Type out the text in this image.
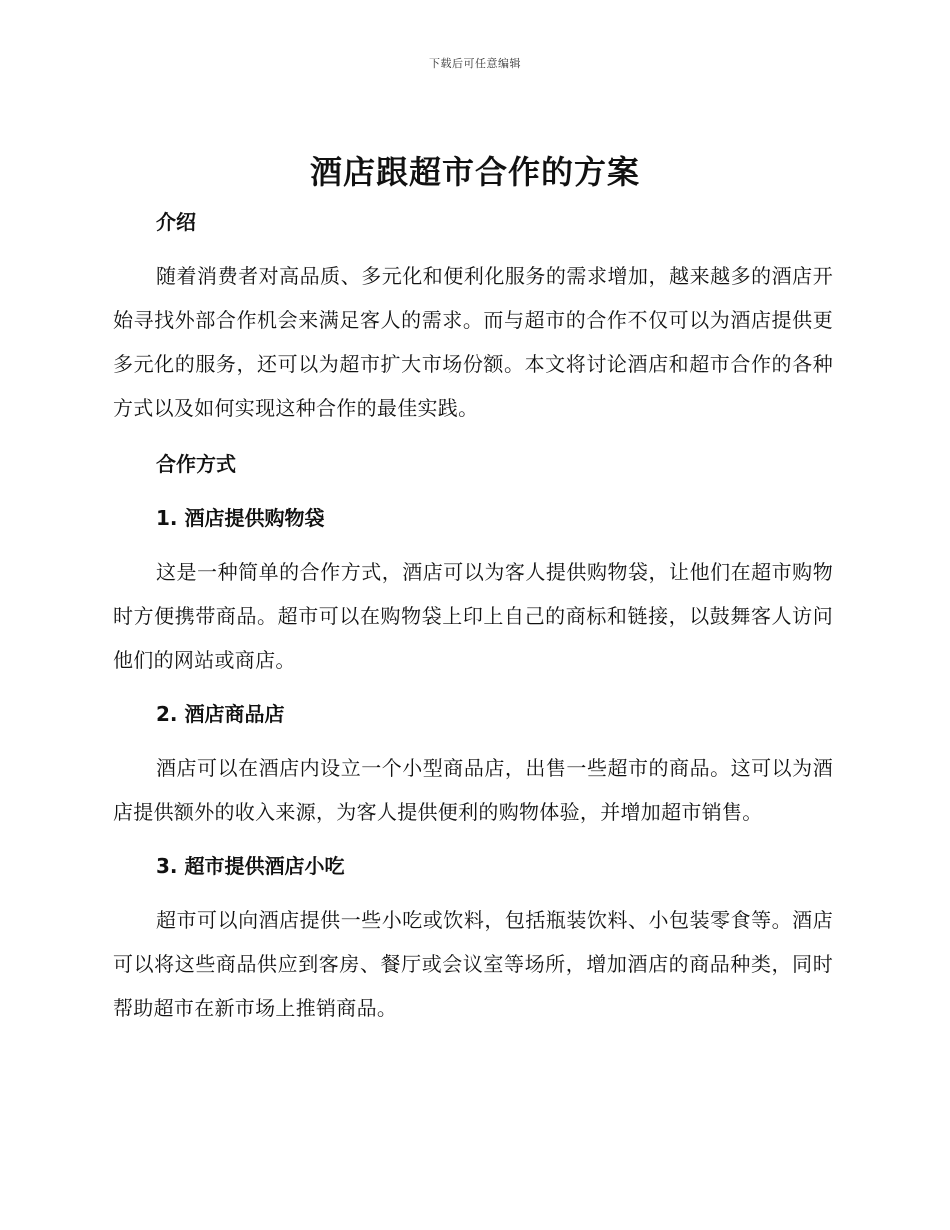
下载后可任意编辑
酒店跟超市合作的方案

介绍

随着消费者对高品质、多元化和便利化服务的需求增加，越来越多的酒店开始寻找外部合作机会来满足客人的需求。而与超市的合作不仅可以为酒店提供更多元化的服务，还可以为超市扩大市场份额。本文将讨论酒店和超市合作的各种方式以及如何实现这种合作的最佳实践。

合作方式

1. 酒店提供购物袋

这是一种简单的合作方式，酒店可以为客人提供购物袋，让他们在超市购物时方便携带商品。超市可以在购物袋上印上自己的商标和链接，以鼓舞客人访问他们的网站或商店。

2. 酒店商品店

酒店可以在酒店内设立一个小型商品店，出售一些超市的商品。这可以为酒店提供额外的收入来源，为客人提供便利的购物体验，并增加超市销售。

3. 超市提供酒店小吃

超市可以向酒店提供一些小吃或饮料，包括瓶装饮料、小包装零食等。酒店可以将这些商品供应到客房、餐厅或会议室等场所，增加酒店的商品种类，同时帮助超市在新市场上推销商品。
